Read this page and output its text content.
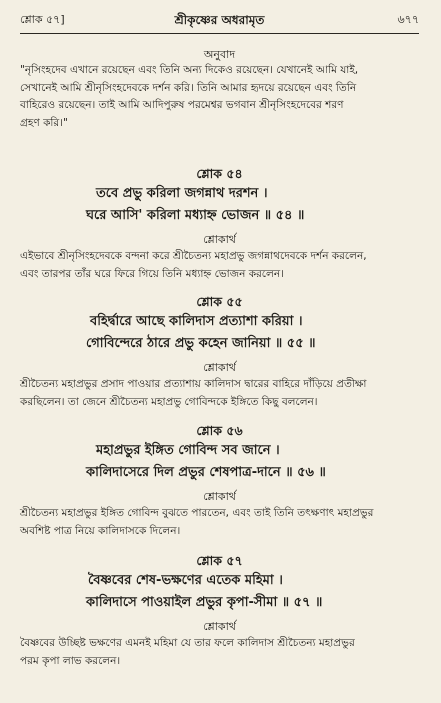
শ্লোক ৫৭]	শ্রীকৃষ্ণের অধরামৃত	৬৭৭
অনুবাদ

"নৃসিংহদেব এখানে রয়েছেন এবং তিনি অন্য দিকেও রয়েছেন। যেখানেই আমি যাই,

সেখানেই আমি শ্রীনৃসিংহদেবকে দর্শন করি। তিনি আমার হৃদয়ে রয়েছেন এবং তিনি

বাহিরেও রয়েছেন। তাই আমি আদিপুরুষ পরমেশ্বর ভগবান শ্রীনৃসিংহদেবের শরণ

গ্রহণ করি।"

শ্লোক ৫৪
তবে প্রভু করিলা জগন্নাথ দরশন ।
ঘরে আসি' করিলা মধ্যাহ্ন ভোজন ॥ ৫৪ ॥
শ্লোকার্থ

এইভাবে শ্রীনৃসিংহদেবকে বন্দনা করে শ্রীচৈতন্য মহাপ্রভু জগন্নাথদেবকে দর্শন করলেন,

এবং তারপর তাঁর ঘরে ফিরে গিয়ে তিনি মধ্যাহ্ন ভোজন করলেন।

শ্লোক ৫৫
বহির্দ্বারে আছে কালিদাস প্রত্যাশা করিয়া ।
গোবিন্দেরে ঠারে প্রভু কহেন জানিয়া ॥ ৫৫ ॥
শ্লোকার্থ

শ্রীচৈতন্য মহাপ্রভুর প্রসাদ পাওয়ার প্রত্যাশায় কালিদাস দ্বারের বাহিরে দাঁড়িয়ে প্রতীক্ষা

করছিলেন। তা জেনে শ্রীচৈতন্য মহাপ্রভু গোবিন্দকে ইঙ্গিতে কিছু বললেন।

শ্লোক ৫৬
মহাপ্রভুর ইঙ্গিত গোবিন্দ সব জানে ।
কালিদাসেরে দিল প্রভুর শেষপাত্র-দানে ॥ ৫৬ ॥
শ্লোকার্থ

শ্রীচৈতন্য মহাপ্রভুর ইঙ্গিত গোবিন্দ বুঝতে পারতেন, এবং তাই তিনি তৎক্ষণাৎ মহাপ্রভুর

অবশিষ্ট পাত্র নিয়ে কালিদাসকে দিলেন।

শ্লোক ৫৭
বৈষ্ণবের শেষ-ভক্ষণের এতেক মহিমা ।
কালিদাসে পাওয়াইল প্রভুর কৃপা-সীমা ॥ ৫৭ ॥
শ্লোকার্থ

বৈষ্ণবের উচ্ছিষ্ট ভক্ষণের এমনই মহিমা যে তার ফলে কালিদাস শ্রীচৈতন্য মহাপ্রভুর

পরম কৃপা লাভ করলেন।
